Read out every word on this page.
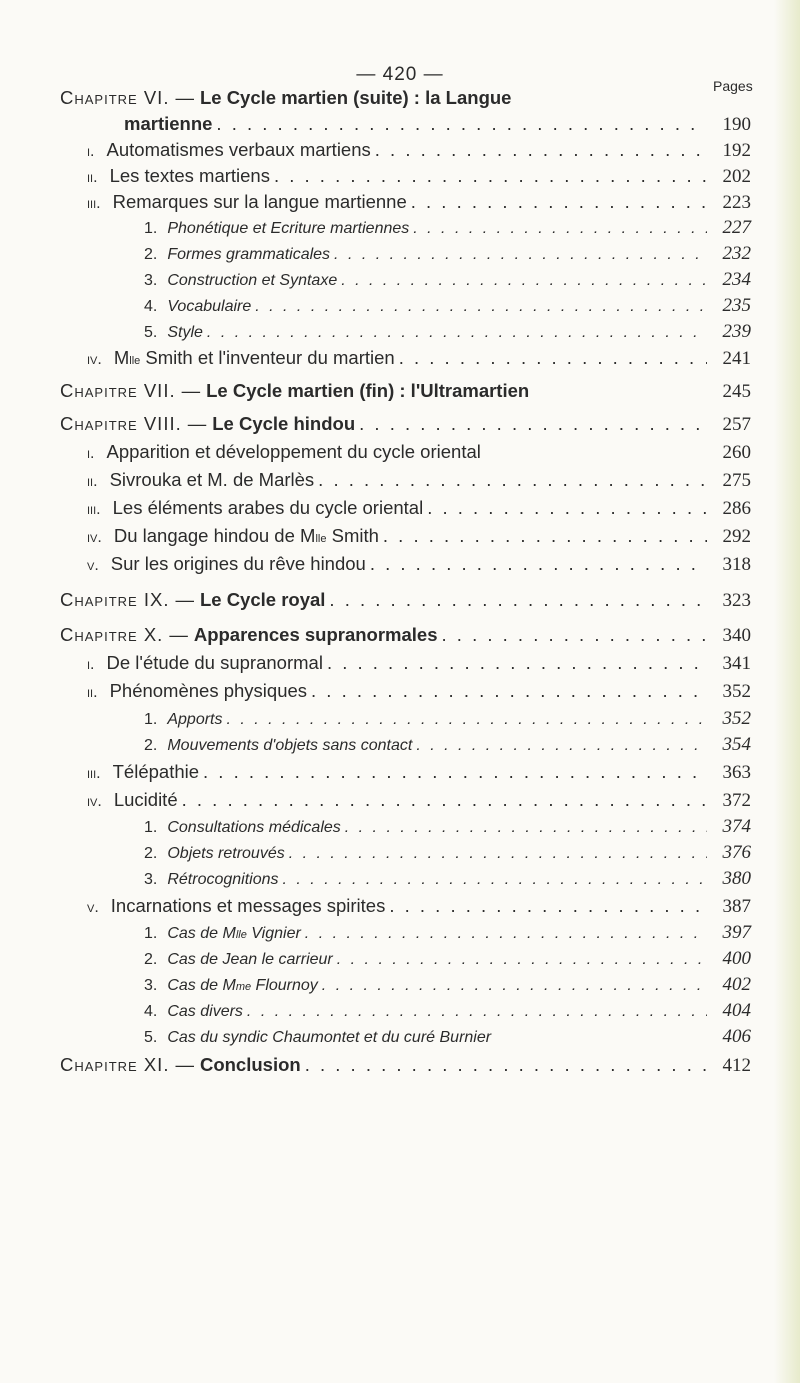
— 420 —
Pages
Chapitre VI. — Le Cycle martien (suite) : la Langue
martienne . . .	190
i. Automatismes verbaux martiens . . .	192
ii. Les textes martiens . . .	202
iii. Remarques sur la langue martienne . . .	223
1. Phonétique et Ecriture martiennes . . .	227
2. Formes grammaticales . . .	232
3. Construction et Syntaxe . . .	234
4. Vocabulaire . . .	235
5. Style . . .	239
iv. M lle
Smith et l'inventeur du martien . . .	241
Chapitre VII. — Le Cycle martien (fin) : l'Ultramartien	245
Chapitre VIII. — Le Cycle hindou . . .	257
i. Apparition et développement du cycle oriental	260
ii. Sivrouka et M. de Marlès . . .	275
iii. Les éléments arabes du cycle oriental . . .	286
iv. Du langage hindou de M lle
Smith . . .	292
v. Sur les origines du rêve hindou . . .	318
Chapitre IX. — Le Cycle royal . . .	323
Chapitre X. — Apparences supranormales . . .	340
i. De l'étude du supranormal . . .	341
ii. Phénomènes physiques . . .	352
1. Apports . . .	352
2. Mouvements d'objets sans contact . . .	354
iii. Télépathie . . .	363
iv. Lucidité . . .	372
1. Consultations médicales . . .	374
2. Objets retrouvés . . .	376
3. Rétrocognitions . . .	380
v. Incarnations et messages spirites . . .	387
1. Cas de M lle
Vignier . . .	397
2. Cas de Jean le carrieur . . .	400
3. Cas de M me
Flournoy . . .	402
4. Cas divers . . .	404
5. Cas du syndic Chaumontet et du curé Burnier	406
Chapitre XI. — Conclusion . . .	412
